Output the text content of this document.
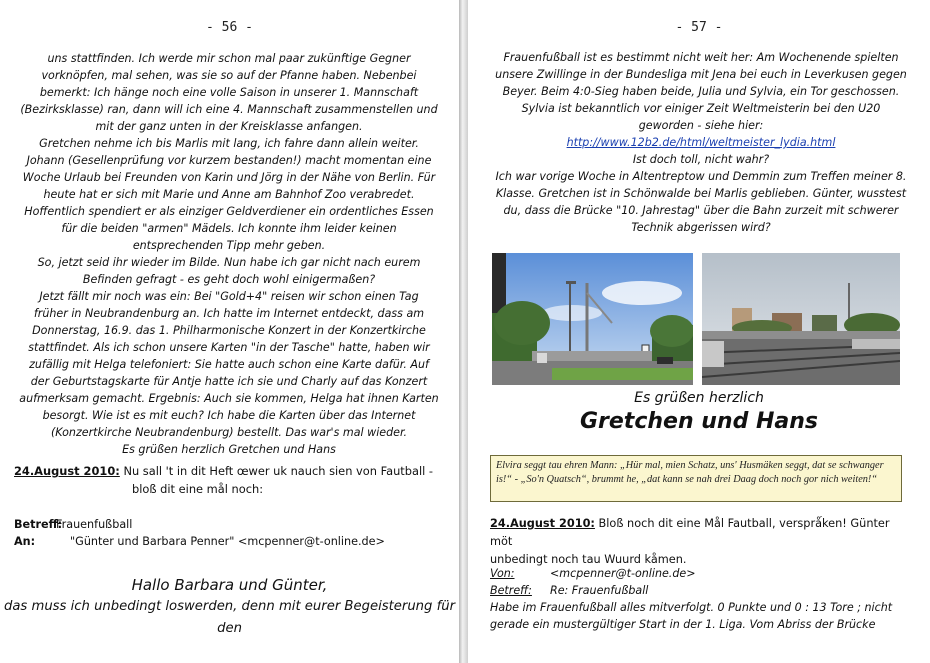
- 56 -
uns stattfinden. Ich werde mir schon mal paar zukünftige Gegner
vorknöpfen, mal sehen, was sie so auf der Pfanne haben. Nebenbei
bemerkt: Ich hänge noch eine volle Saison in unserer 1. Mannschaft
(Bezirksklasse) ran, dann will ich eine 4. Mannschaft zusammenstellen und
mit der ganz unten in der Kreisklasse anfangen.
Gretchen nehme ich bis Marlis mit lang, ich fahre dann allein weiter.
Johann (Gesellenprüfung vor kurzem bestanden!) macht momentan eine
Woche Urlaub bei Freunden von Karin und Jörg in der Nähe von Berlin. Für
heute hat er sich mit Marie und Anne am Bahnhof Zoo verabredet.
Hoffentlich spendiert er als einziger Geldverdiener ein ordentliches Essen
für die beiden "armen" Mädels. Ich konnte ihm leider keinen
entsprechenden Tipp mehr geben.
So, jetzt seid ihr wieder im Bilde. Nun habe ich gar nicht nach eurem
Befinden gefragt - es geht doch wohl einigermaßen?
Jetzt fällt mir noch was ein: Bei "Gold+4" reisen wir schon einen Tag
früher in Neubrandenburg an. Ich hatte im Internet entdeckt, dass am
Donnerstag, 16.9. das 1. Philharmonische Konzert in der Konzertkirche
stattfindet. Als ich schon unsere Karten "in der Tasche" hatte, haben wir
zufällig mit Helga telefoniert: Sie hatte auch schon eine Karte dafür. Auf
der Geburtstagskarte für Antje hatte ich sie und Charly auf das Konzert
aufmerksam gemacht. Ergebnis: Auch sie kommen, Helga hat ihnen Karten
besorgt. Wie ist es mit euch? Ich habe die Karten über das Internet
(Konzertkirche Neubrandenburg) bestellt. Das war's mal wieder.
Es grüßen herzlich Gretchen und Hans
24.August 2010: Nu sall 't in dit Heft œwer uk nauch sien von Fautball -
bloß dit eine mål noch:
Betreff:Frauenfußball
An:	"Günter und Barbara Penner" <mcpenner@t-online.de>
Hallo Barbara und Günter,
das muss ich unbedingt loswerden, denn mit eurer Begeisterung für den
- 57 -
Frauenfußball ist es bestimmt nicht weit her: Am Wochenende spielten
unsere Zwillinge in der Bundesliga mit Jena bei euch in Leverkusen gegen
Beyer. Beim 4:0-Sieg haben beide, Julia und Sylvia, ein Tor geschossen.
Sylvia ist bekanntlich vor einiger Zeit Weltmeisterin bei den U20
geworden - siehe hier:
http://www.12b2.de/html/weltmeister_lydia.html
Ist doch toll, nicht wahr?
Ich war vorige Woche in Altentreptow und Demmin zum Treffen meiner 8.
Klasse. Gretchen ist in Schönwalde bei Marlis geblieben. Günter, wusstest
du, dass die Brücke "10. Jahrestag" über die Bahn zurzeit mit schwerer
Technik abgerissen wird?
Es grüßen herzlich
Gretchen und Hans
Elvira seggt tau ehren Mann: „Hür mal, mien Schatz, uns' Husmäken seggt, dat se schwanger is!“ - „So'n Quatsch“, brummt he, „dat kann se nah drei Daag doch noch gor nich weiten!“
24.August 2010: Bloß noch dit eine Mål Fautball, versprǻken! Günter möt
unbedingt noch tau Wuurd kåmen.
Von:	<mcpenner@t-online.de>
Betreff: Re: Frauenfußball
Habe im Frauenfußball alles mitverfolgt. 0 Punkte und 0 : 13 Tore ; nicht
gerade ein mustergültiger Start in der 1. Liga. Vom Abriss der Brücke
